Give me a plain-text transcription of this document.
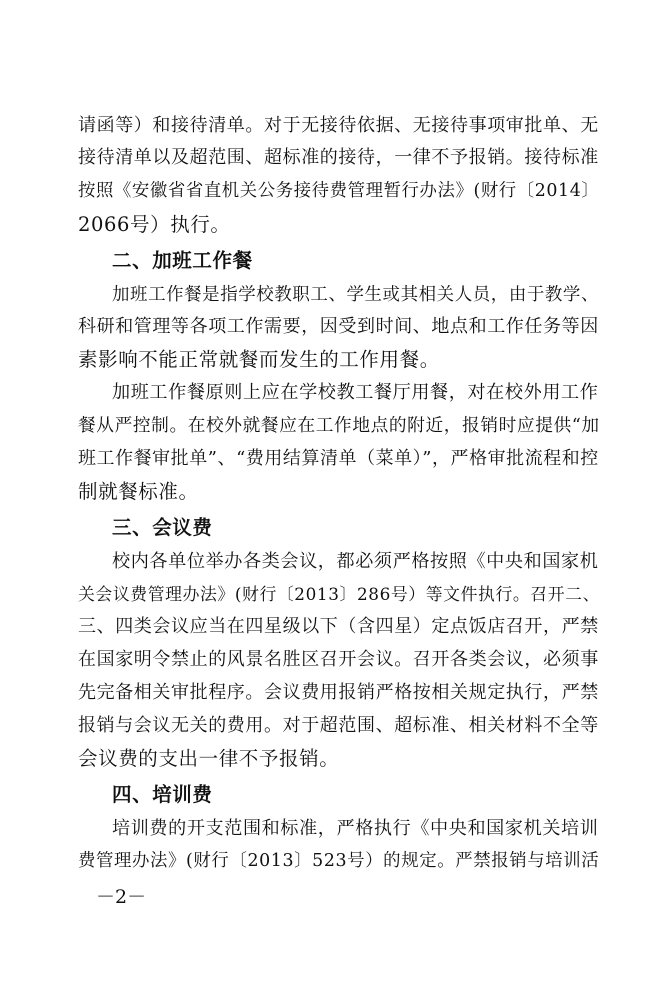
请函等）和接待清单。对于无接待依据、无接待事项审批单、无
接待清单以及超范围、超标准的接待，一律不予报销。接待标准
按照《安徽省省直机关公务接待费管理暂行办法》(财行〔2014〕
2066号）执行。
二、加班工作餐
加班工作餐是指学校教职工、学生或其相关人员，由于教学、
科研和管理等各项工作需要，因受到时间、地点和工作任务等因
素影响不能正常就餐而发生的工作用餐。
加班工作餐原则上应在学校教工餐厅用餐，对在校外用工作
餐从严控制。在校外就餐应在工作地点的附近，报销时应提供“加
班工作餐审批单”、“费用结算清单（菜单）”，严格审批流程和控
制就餐标准。
三、会议费
校内各单位举办各类会议，都必须严格按照《中央和国家机
关会议费管理办法》(财行〔2013〕286号）等文件执行。召开二、
三、四类会议应当在四星级以下（含四星）定点饭店召开，严禁
在国家明令禁止的风景名胜区召开会议。召开各类会议，必须事
先完备相关审批程序。会议费用报销严格按相关规定执行，严禁
报销与会议无关的费用。对于超范围、超标准、相关材料不全等
会议费的支出一律不予报销。
四、培训费
培训费的开支范围和标准，严格执行《中央和国家机关培训
费管理办法》(财行〔2013〕523号）的规定。严禁报销与培训活
－2－
